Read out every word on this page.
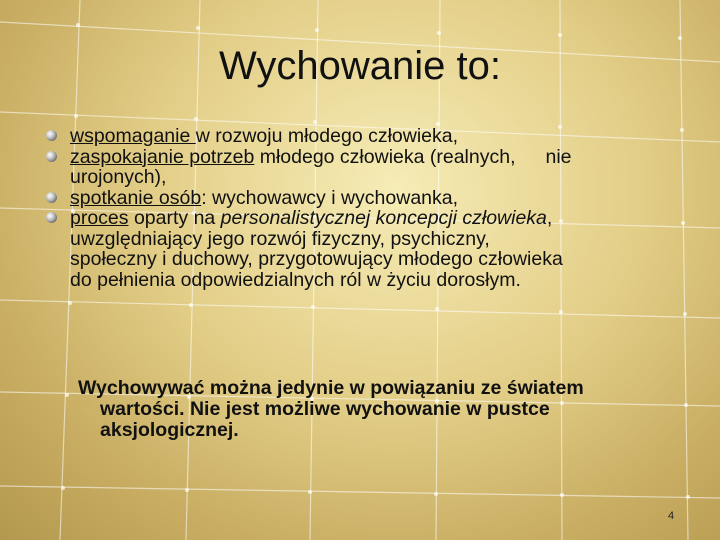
Wychowanie to:
wspomaganie w rozwoju młodego człowieka,
zaspokajanie potrzeb młodego człowieka (realnych, nie
urojonych),
spotkanie osób: wychowawcy i wychowanka,
proces oparty na personalistycznej koncepcji człowieka,
uwzględniający jego rozwój fizyczny, psychiczny,
społeczny i duchowy, przygotowujący młodego człowieka
do pełnienia odpowiedzialnych ról w życiu dorosłym.
Wychowywać można jedynie w powiązaniu ze światem
wartości. Nie jest możliwe wychowanie w pustce
aksjologicznej.
4
